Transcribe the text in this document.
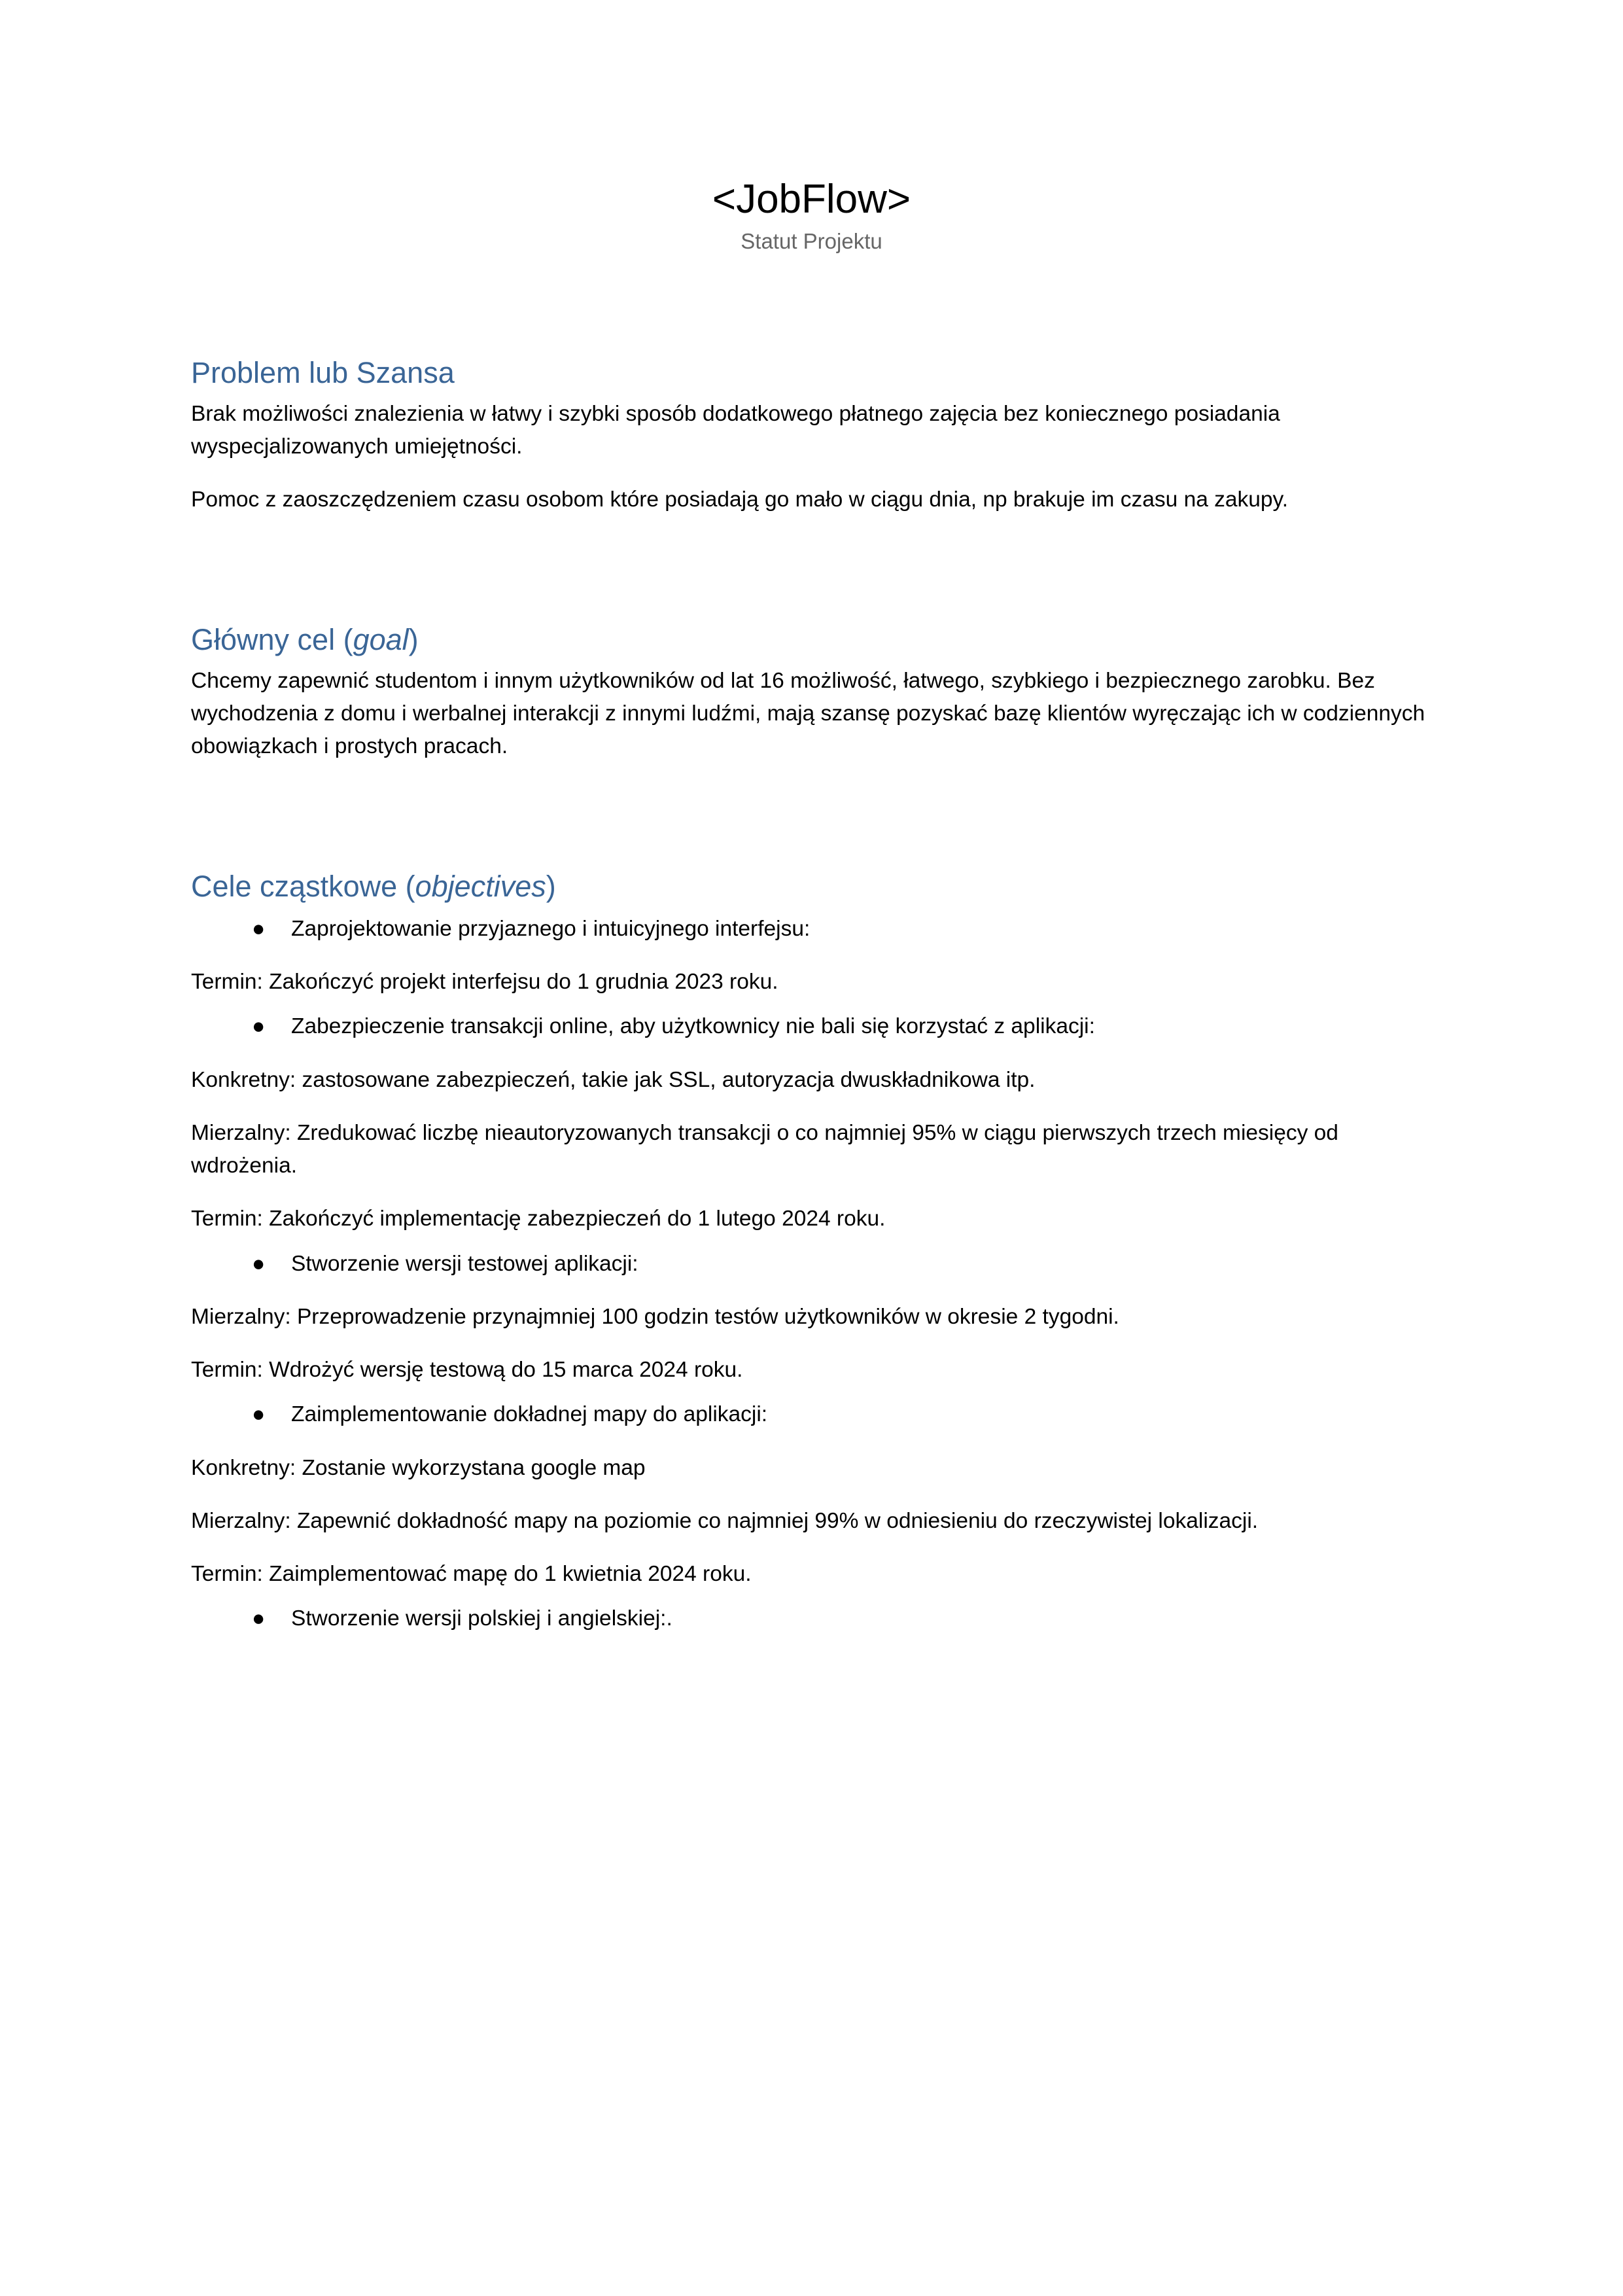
<JobFlow>

Statut Projektu

Problem lub Szansa

Brak możliwości znalezienia w łatwy i szybki sposób dodatkowego płatnego zajęcia bez koniecznego posiadania wyspecjalizowanych umiejętności.

Pomoc z zaoszczędzeniem czasu osobom które posiadają go mało w ciągu dnia, np brakuje im czasu na zakupy.

Główny cel (goal)

Chcemy zapewnić studentom i innym użytkowników od lat 16 możliwość, łatwego, szybkiego i bezpiecznego zarobku. Bez wychodzenia z domu i werbalnej interakcji z innymi ludźmi, mają szansę pozyskać bazę klientów wyręczając ich w codziennych obowiązkach i prostych pracach.

Cele cząstkowe (objectives)
●	Zaprojektowanie przyjaznego i intuicyjnego interfejsu:

Termin: Zakończyć projekt interfejsu do 1 grudnia 2023 roku.

●	Zabezpieczenie transakcji online, aby użytkownicy nie bali się korzystać z aplikacji:

Konkretny: zastosowane zabezpieczeń, takie jak SSL, autoryzacja dwuskładnikowa itp.

Mierzalny: Zredukować liczbę nieautoryzowanych transakcji o co najmniej 95% w ciągu pierwszych trzech miesięcy od wdrożenia.

Termin: Zakończyć implementację zabezpieczeń do 1 lutego 2024 roku.

●	Stworzenie wersji testowej aplikacji:

Mierzalny: Przeprowadzenie przynajmniej 100 godzin testów użytkowników w okresie 2 tygodni.

Termin: Wdrożyć wersję testową do 15 marca 2024 roku.

●	Zaimplementowanie dokładnej mapy do aplikacji:

Konkretny: Zostanie wykorzystana google map

Mierzalny: Zapewnić dokładność mapy na poziomie co najmniej 99% w odniesieniu do rzeczywistej lokalizacji.

Termin: Zaimplementować mapę do 1 kwietnia 2024 roku.

●	Stworzenie wersji polskiej i angielskiej:.
